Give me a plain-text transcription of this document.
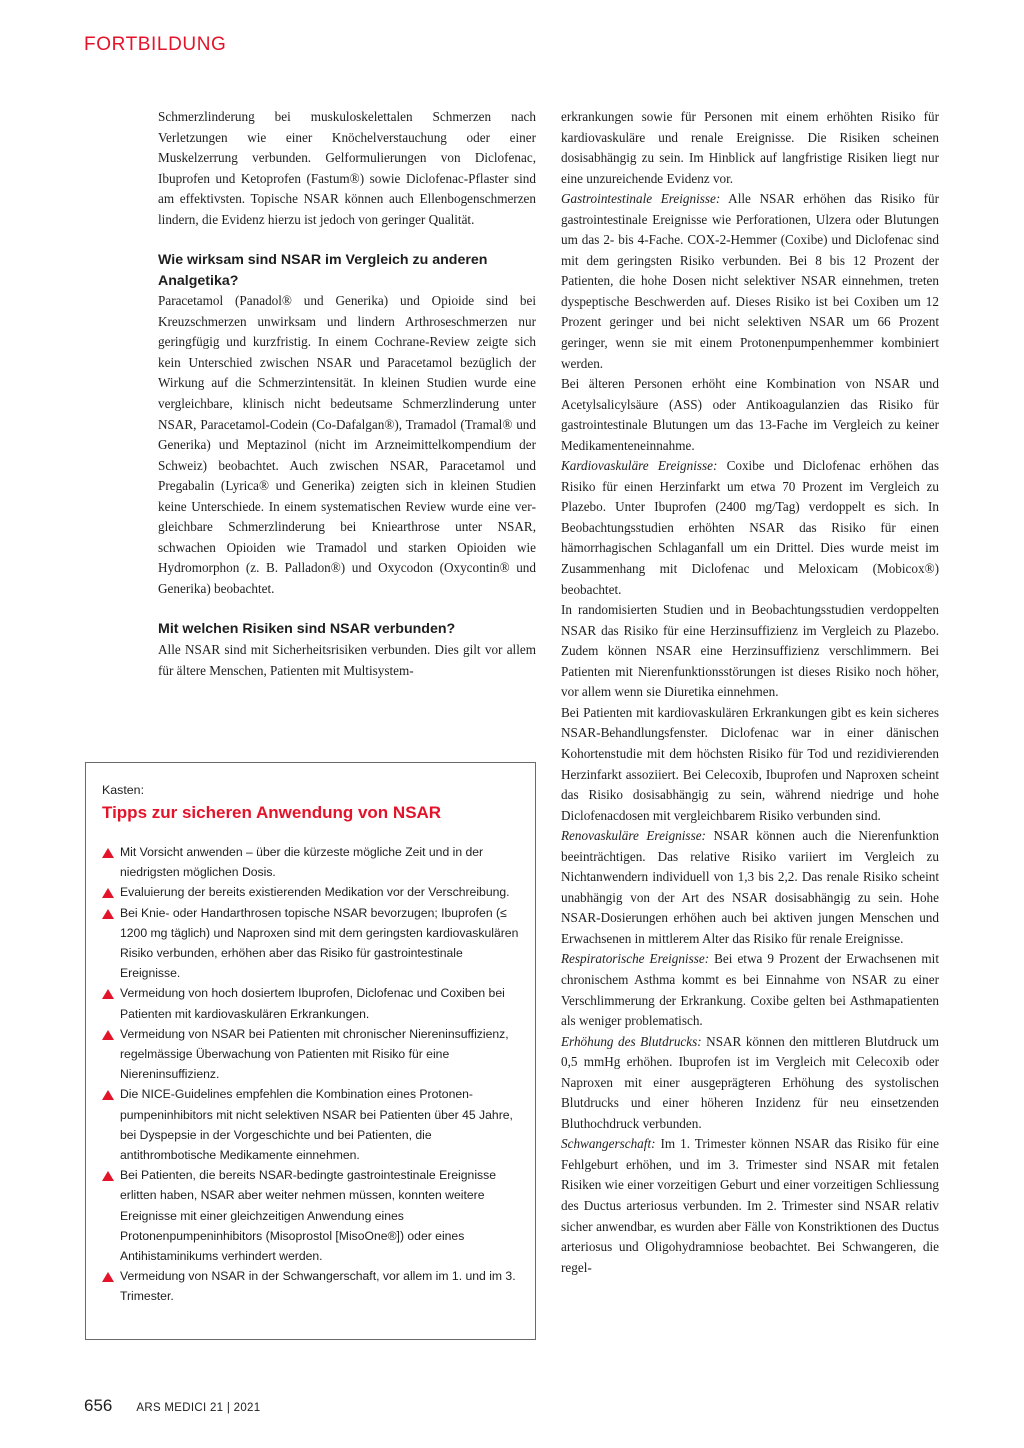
FORTBILDUNG

Schmerzlinderung bei muskuloskelettalen Schmerzen nach Verletzungen wie einer Knöchelverstauchung oder einer Muskelzerrung verbunden. Gelformulierungen von Diclofenac, Ibuprofen und Ketoprofen (Fastum®) sowie Diclofenac-Pflaster sind am effektivsten. Topische NSAR können auch Ellenbogenschmerzen lindern, die Evidenz hierzu ist jedoch von geringer Qualität.

Wie wirksam sind NSAR im Vergleich zu anderen Analgetika?

Paracetamol (Panadol® und Generika) und Opioide sind bei Kreuzschmerzen unwirksam und lindern Arthroseschmerzen nur geringfügig und kurzfristig. In einem Cochrane-Review zeigte sich kein Unterschied zwischen NSAR und Paracetamol bezüglich der Wirkung auf die Schmerzintensität. In kleinen Studien wurde eine vergleichbare, klinisch nicht bedeutsame Schmerzlinderung unter NSAR, Paracetamol-Codein (Co-Dafalgan®), Tramadol (Tramal® und Generika) und Meptazinol (nicht im Arzneimittelkompendium der Schweiz) beobachtet. Auch zwischen NSAR, Paracetamol und Pregabalin (Lyrica® und Generika) zeigten sich in kleinen Studien keine Unterschiede. In einem systematischen Review wurde eine vergleichbare Schmerzlinderung bei Kniearthrose unter NSAR, schwachen Opioiden wie Tramadol und starken Opioiden wie Hydromorphon (z. B. Palladon®) und Oxycodon (Oxycontin® und Generika) beobachtet.

Mit welchen Risiken sind NSAR verbunden?

Alle NSAR sind mit Sicherheitsrisiken verbunden. Dies gilt vor allem für ältere Menschen, Patienten mit Multisystem-

erkrankungen sowie für Personen mit einem erhöhten Risiko für kardiovaskuläre und renale Ereignisse. Die Risiken scheinen dosisabhängig zu sein. Im Hinblick auf langfristige Risiken liegt nur eine unzureichende Evidenz vor.

Gastrointestinale Ereignisse: Alle NSAR erhöhen das Risiko für gastrointestinale Ereignisse wie Perforationen, Ulzera oder Blutungen um das 2- bis 4-Fache. COX-2-Hemmer (Coxibe) und Diclofenac sind mit dem geringsten Risiko verbunden. Bei 8 bis 12 Prozent der Patienten, die hohe Dosen nicht selektiver NSAR einnehmen, treten dyspeptische Beschwerden auf. Dieses Risiko ist bei Coxiben um 12 Prozent geringer und bei nicht selektiven NSAR um 66 Prozent geringer, wenn sie mit einem Protonenpumpenhemmer kombiniert werden.

Bei älteren Personen erhöht eine Kombination von NSAR und Acetylsalicylsäure (ASS) oder Antikoagulanzien das Risiko für gastrointestinale Blutungen um das 13-Fache im Vergleich zu keiner Medikamenteneinnahme.

Kardiovaskuläre Ereignisse: Coxibe und Diclofenac erhöhen das Risiko für einen Herzinfarkt um etwa 70 Prozent im Vergleich zu Plazebo. Unter Ibuprofen (2400 mg/Tag) verdoppelt es sich. In Beobachtungsstudien erhöhten NSAR das Risiko für einen hämorrhagischen Schlaganfall um ein Drittel. Dies wurde meist im Zusammenhang mit Diclofenac und Meloxicam (Mobicox®) beobachtet.

In randomisierten Studien und in Beobachtungsstudien verdoppelten NSAR das Risiko für eine Herzinsuffizienz im Vergleich zu Plazebo. Zudem können NSAR eine Herzinsuffizienz verschlimmern. Bei Patienten mit Nierenfunktionsstörungen ist dieses Risiko noch höher, vor allem wenn sie Diuretika einnehmen.

Bei Patienten mit kardiovaskulären Erkrankungen gibt es kein sicheres NSAR-Behandlungsfenster. Diclofenac war in einer dänischen Kohortenstudie mit dem höchsten Risiko für Tod und rezidivierenden Herzinfarkt assoziiert. Bei Celecoxib, Ibuprofen und Naproxen scheint das Risiko dosisabhängig zu sein, während niedrige und hohe Diclofenacdosen mit vergleichbarem Risiko verbunden sind.

Renovaskuläre Ereignisse: NSAR können auch die Nierenfunktion beeinträchtigen. Das relative Risiko variiert im Vergleich zu Nichtanwendern individuell von 1,3 bis 2,2. Das renale Risiko scheint unabhängig von der Art des NSAR dosisabhängig zu sein. Hohe NSAR-Dosierungen erhöhen auch bei aktiven jungen Menschen und Erwachsenen in mittlerem Alter das Risiko für renale Ereignisse.

Respiratorische Ereignisse: Bei etwa 9 Prozent der Erwachsenen mit chronischem Asthma kommt es bei Einnahme von NSAR zu einer Verschlimmerung der Erkrankung. Coxibe gelten bei Asthmapatienten als weniger problematisch.

Erhöhung des Blutdrucks: NSAR können den mittleren Blutdruck um 0,5 mmHg erhöhen. Ibuprofen ist im Vergleich mit Celecoxib oder Naproxen mit einer ausgeprägteren Erhöhung des systolischen Blutdrucks und einer höheren Inzidenz für neu einsetzenden Bluthochdruck verbunden.

Schwangerschaft: Im 1. Trimester können NSAR das Risiko für eine Fehlgeburt erhöhen, und im 3. Trimester sind NSAR mit fetalen Risiken wie einer vorzeitigen Geburt und einer vorzeitigen Schliessung des Ductus arteriosus verbunden. Im 2. Trimester sind NSAR relativ sicher anwendbar, es wurden aber Fälle von Konstriktionen des Ductus arteriosus und Oligohydramniose beobachtet. Bei Schwangeren, die regel-

Kasten:
Tipps zur sicheren Anwendung von NSAR
Mit Vorsicht anwenden – über die kürzeste mögliche Zeit und in der niedrigsten möglichen Dosis.
Evaluierung der bereits existierenden Medikation vor der Verschreibung.
Bei Knie- oder Handarthrosen topische NSAR bevorzugen; Ibuprofen (≤ 1200 mg täglich) und Naproxen sind mit dem geringsten kardiovaskulären Risiko verbunden, erhöhen aber das Risiko für gastrointestinale Ereignisse.
Vermeidung von hoch dosiertem Ibuprofen, Diclofenac und Coxiben bei Patienten mit kardiovaskulären Erkrankungen.
Vermeidung von NSAR bei Patienten mit chronischer Niereninsuffizienz, regelmässige Überwachung von Patienten mit Risiko für eine Niereninsuffizienz.
Die NICE-Guidelines empfehlen die Kombination eines Protonenpumpeninhibitors mit nicht selektiven NSAR bei Patienten über 45 Jahre, bei Dyspepsie in der Vorgeschichte und bei Patienten, die antithrombotische Medikamente einnehmen.
Bei Patienten, die bereits NSAR-bedingte gastrointestinale Ereignisse erlitten haben, NSAR aber weiter nehmen müssen, konnten weitere Ereignisse mit einer gleichzeitigen Anwendung eines Protonenpumpeninhibitors (Misoprostol [MisoOne®]) oder eines Antihistaminikums verhindert werden.
Vermeidung von NSAR in der Schwangerschaft, vor allem im 1. und im 3. Trimester.
656 ARS MEDICI 21 | 2021
